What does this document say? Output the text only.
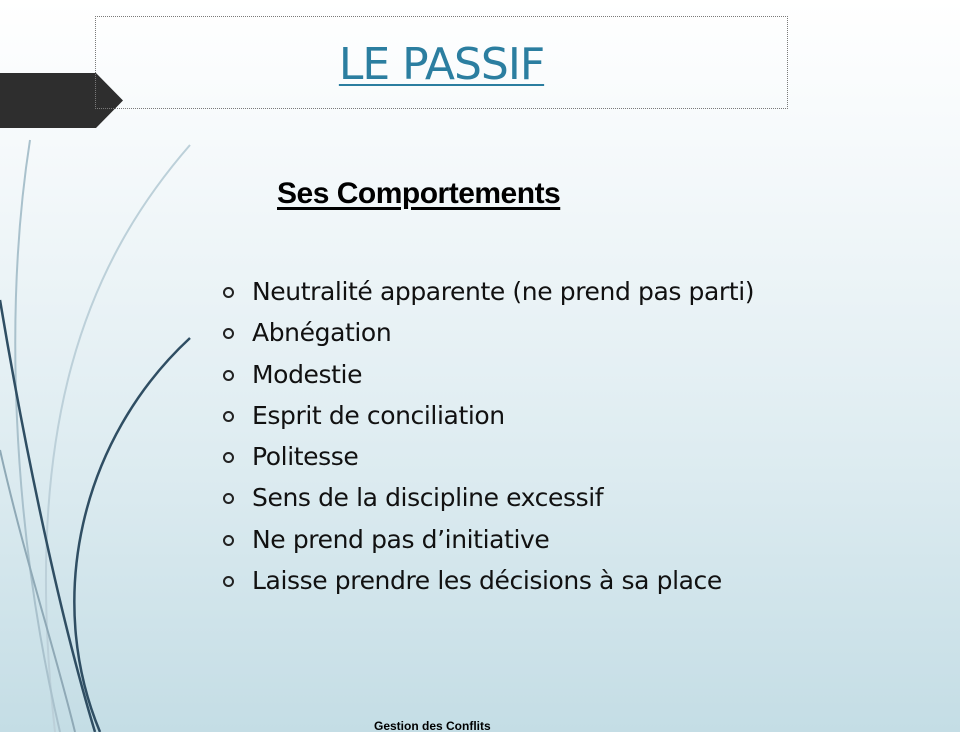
LE PASSIF
Ses Comportements
Neutralité apparente (ne prend pas parti)
Abnégation
Modestie
Esprit de conciliation
Politesse
Sens de la discipline excessif
Ne prend pas d’initiative
Laisse prendre les décisions à sa place
Gestion des Conflits
